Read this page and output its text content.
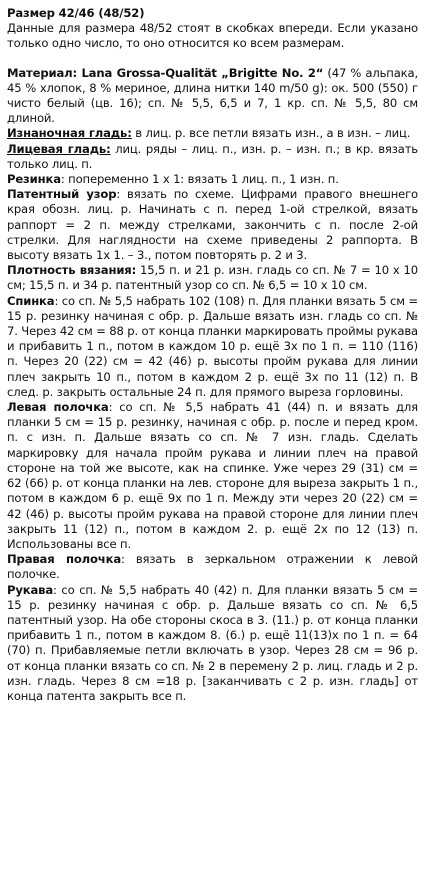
Размер 42/46 (48/52)
Данные для размера 48/52 стоят в скобках впереди. Если указано только одно число, то оно относится ко всем размерам.

Материал: Lana Grossa-Qualität „Brigitte No. 2“ (47 % альпака, 45 % хлопок, 8 % мериное, длина нитки 140 m/50 g): ок. 500 (550) г чисто белый (цв. 16); сп. № 5,5, 6,5 и 7, 1 кр. сп. № 5,5, 80 см длиной.

Изнаночная гладь: в лиц. р. все петли вязать изн., а в изн. – лиц.

Лицевая гладь: лиц. ряды – лиц. п., изн. р. – изн. п.; в кр. вязать только лиц. п.

Резинка: попеременно 1 х 1: вязать 1 лиц. п., 1 изн. п.

Патентный узор: вязать по схеме. Цифрами правого внешнего края обозн. лиц. р. Начинать с п. перед 1-ой стрелкой, вязать раппорт = 2 п. между стрелками, закончить с п. после 2-ой стрелки. Для наглядности на схеме приведены 2 раппорта. В высоту вязать 1х 1. – 3., потом повторять р. 2 и 3.

Плотность вязания: 15,5 п. и 21 р. изн. гладь со сп. № 7 = 10 х 10 см; 15,5 п. и 34 р. патентный узор со сп. № 6,5 = 10 х 10 см.

Спинка: со сп. № 5,5 набрать 102 (108) п. Для планки вязать 5 см = 15 р. резинку начиная с обр. р. Дальше вязать изн. гладь со сп. № 7. Через 42 см = 88 р. от конца планки маркировать проймы рукава и прибавить 1 п., потом в каждом 10 р. ещё 3х по 1 п. = 110 (116) п. Через 20 (22) см = 42 (46) р. высоты пройм рукава для линии плеч закрыть 10 п., потом в каждом 2 р. ещё 3х по 11 (12) п. В след. р. закрыть остальные 24 п. для прямого выреза горловины.

Левая полочка: со сп. № 5,5 набрать 41 (44) п. и вязать для планки 5 см = 15 р. резинку, начиная с обр. р. после и перед кром. п. с изн. п. Дальше вязать со сп. № 7 изн. гладь. Сделать маркировку для начала пройм рукава и линии плеч на правой стороне на той же высоте, как на спинке. Уже через 29 (31) см = 62 (66) р. от конца планки на лев. стороне для выреза закрыть 1 п., потом в каждом 6 р. ещё 9х по 1 п. Между эти через 20 (22) см = 42 (46) р. высоты пройм рукава на правой стороне для линии плеч закрыть 11 (12) п., потом в каждом 2. р. ещё 2х по 12 (13) п. Использованы все п.

Правая полочка: вязать в зеркальном отражении к левой полочке.

Рукава: со сп. № 5,5 набрать 40 (42) п. Для планки вязать 5 см = 15 р. резинку начиная с обр. р. Дальше вязать со сп. № 6,5 патентный узор. На обе стороны скоса в 3. (11.) р. от конца планки прибавить 1 п., потом в каждом 8. (6.) р. ещё 11(13)х по 1 п. = 64 (70) п. Прибавляемые петли включать в узор. Через 28 см = 96 р. от конца планки вязать со сп. № 2 в перемену 2 р. лиц. гладь и 2 р. изн. гладь. Через 8 см =18 р. [заканчивать с 2 р. изн. гладь] от конца патента закрыть все п.
